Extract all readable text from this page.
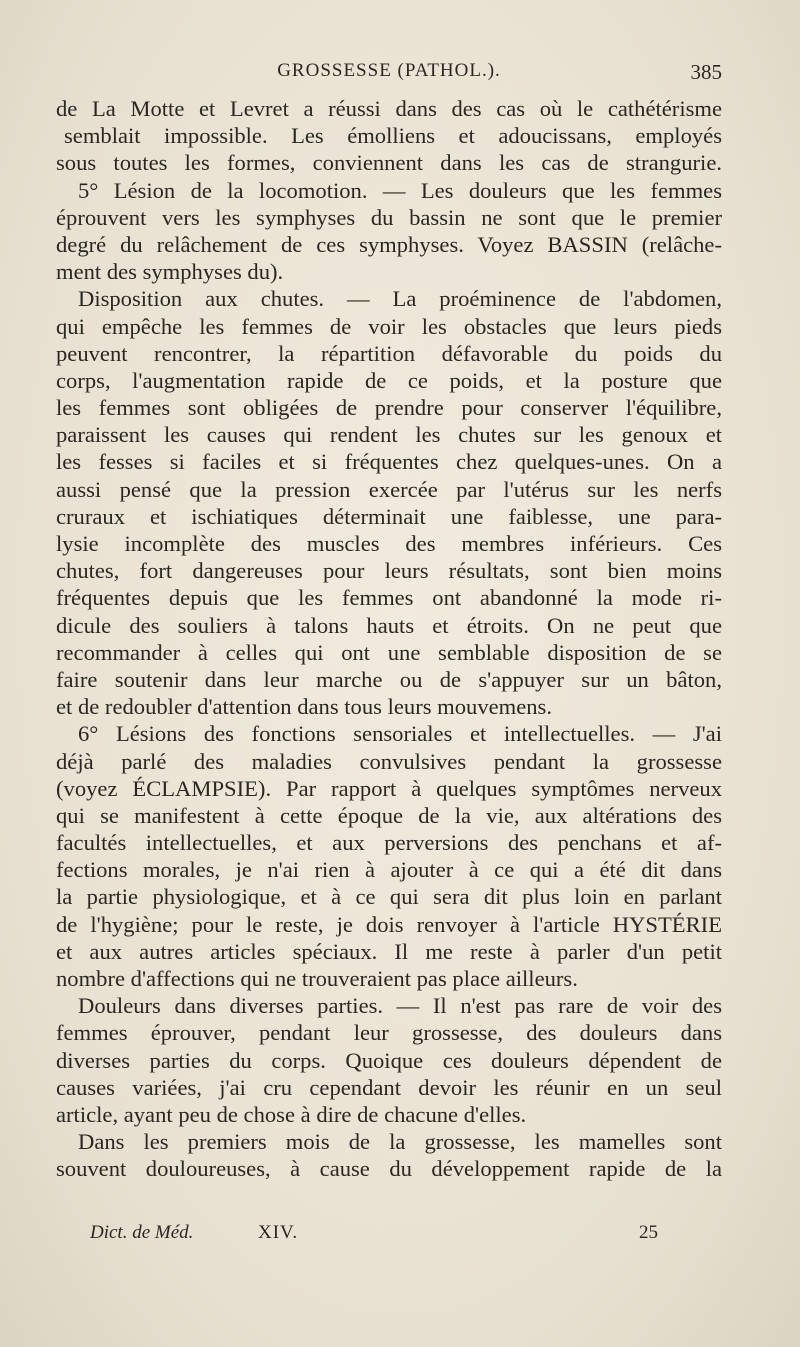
GROSSESSE (PATHOL.).	385
de La Motte et Levret a réussi dans des cas où le cathétérisme
semblait impossible. Les émolliens et adoucissans, employés
sous toutes les formes, conviennent dans les cas de strangurie.
5° Lésion de la locomotion. — Les douleurs que les femmes
éprouvent vers les symphyses du bassin ne sont que le premier
degré du relâchement de ces symphyses. Voyez BASSIN (relâche-
ment des symphyses du).
Disposition aux chutes. — La proéminence de l'abdomen,
qui empêche les femmes de voir les obstacles que leurs pieds
peuvent rencontrer, la répartition défavorable du poids du
corps, l'augmentation rapide de ce poids, et la posture que
les femmes sont obligées de prendre pour conserver l'équilibre,
paraissent les causes qui rendent les chutes sur les genoux et
les fesses si faciles et si fréquentes chez quelques-unes. On a
aussi pensé que la pression exercée par l'utérus sur les nerfs
cruraux et ischiatiques déterminait une faiblesse, une para-
lysie incomplète des muscles des membres inférieurs. Ces
chutes, fort dangereuses pour leurs résultats, sont bien moins
fréquentes depuis que les femmes ont abandonné la mode ri-
dicule des souliers à talons hauts et étroits. On ne peut que
recommander à celles qui ont une semblable disposition de se
faire soutenir dans leur marche ou de s'appuyer sur un bâton,
et de redoubler d'attention dans tous leurs mouvemens.
6° Lésions des fonctions sensoriales et intellectuelles. — J'ai
déjà parlé des maladies convulsives pendant la grossesse
(voyez ÉCLAMPSIE). Par rapport à quelques symptômes nerveux
qui se manifestent à cette époque de la vie, aux altérations des
facultés intellectuelles, et aux perversions des penchans et af-
fections morales, je n'ai rien à ajouter à ce qui a été dit dans
la partie physiologique, et à ce qui sera dit plus loin en parlant
de l'hygiène; pour le reste, je dois renvoyer à l'article HYSTÉRIE
et aux autres articles spéciaux. Il me reste à parler d'un petit
nombre d'affections qui ne trouveraient pas place ailleurs.
Douleurs dans diverses parties. — Il n'est pas rare de voir des
femmes éprouver, pendant leur grossesse, des douleurs dans
diverses parties du corps. Quoique ces douleurs dépendent de
causes variées, j'ai cru cependant devoir les réunir en un seul
article, ayant peu de chose à dire de chacune d'elles.
Dans les premiers mois de la grossesse, les mamelles sont
souvent douloureuses, à cause du développement rapide de la
Dict. de Méd.	XIV.	25
